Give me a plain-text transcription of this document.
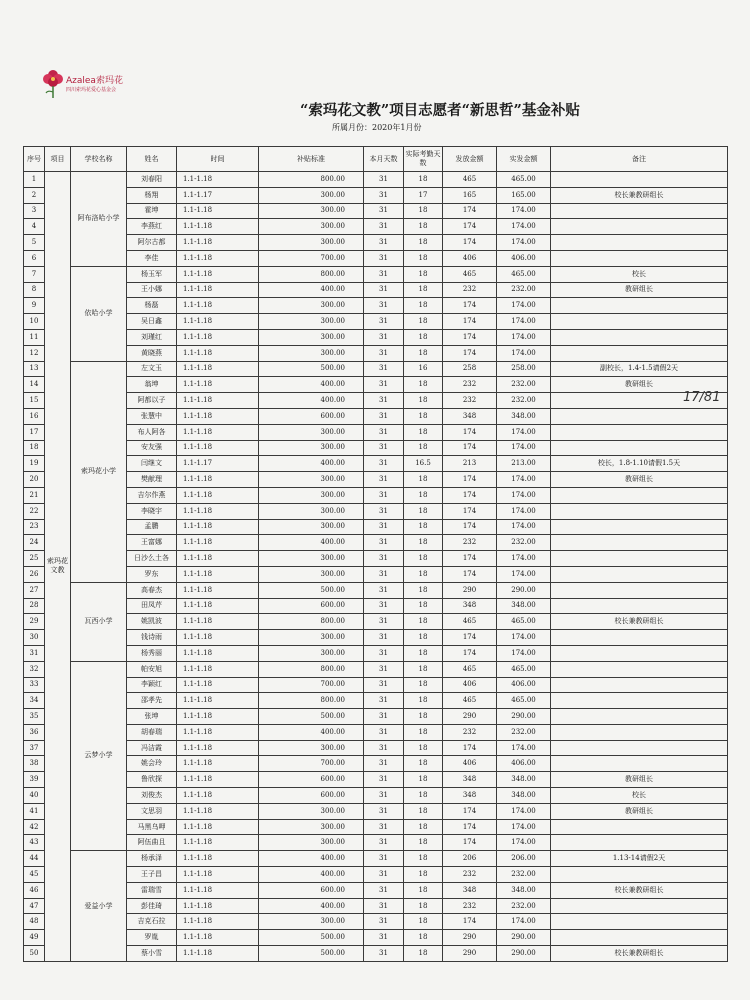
Azalea索玛花
四川索玛花爱心基金会
“索玛花文教”项目志愿者“新思哲”基金补贴
所属月份：2020年1月份
17/81
序号	项目	学校名称	姓名	时间	补贴标准	本月天数	实际考勤天数	发放金额	实发金额	备注
1	索玛花文教	阿布洛哈小学	刘春阳	1.1-1.18	800.00	31	18	465	465.00	
2			杨翔	1.1-1.17	300.00	31	17	165	165.00	校长兼教研组长
3			霍坤	1.1-1.18	300.00	31	18	174	174.00	
4			李燕红	1.1-1.18	300.00	31	18	174	174.00	
5			阿尔古都	1.1-1.18	300.00	31	18	174	174.00	
6			李佳	1.1-1.18	700.00	31	18	406	406.00	
7		依哈小学	杨玉军	1.1-1.18	800.00	31	18	465	465.00	校长
8			王小娜	1.1-1.18	400.00	31	18	232	232.00	教研组长
9			杨磊	1.1-1.18	300.00	31	18	174	174.00	
10			吴日鑫	1.1-1.18	300.00	31	18	174	174.00	
11			刘瑾红	1.1-1.18	300.00	31	18	174	174.00	
12			黄晓燕	1.1-1.18	300.00	31	18	174	174.00	
13		索玛花小学	左文玉	1.1-1.18	500.00	31	16	258	258.00	副校长，1.4-1.5请假2天
14			翁坤	1.1-1.18	400.00	31	18	232	232.00	教研组长
15			阿都以子	1.1-1.18	400.00	31	18	232	232.00	
16			张慧中	1.1-1.18	600.00	31	18	348	348.00	
17			布人阿各	1.1-1.18	300.00	31	18	174	174.00	
18			安友强	1.1-1.18	300.00	31	18	174	174.00	
19			闫继文	1.1-1.17	400.00	31	16.5	213	213.00	校长，1.8-1.10请假1.5天
20			樊献理	1.1-1.18	300.00	31	18	174	174.00	教研组长
21			吉尔作燕	1.1-1.18	300.00	31	18	174	174.00	
22			李晓宇	1.1-1.18	300.00	31	18	174	174.00	
23			孟鹏	1.1-1.18	300.00	31	18	174	174.00	
24			王富娜	1.1-1.18	400.00	31	18	232	232.00	
25			日沙么土各	1.1-1.18	300.00	31	18	174	174.00	
26			罗东	1.1-1.18	300.00	31	18	174	174.00	
27		瓦西小学	高春杰	1.1-1.18	500.00	31	18	290	290.00	
28			田凤芹	1.1-1.18	600.00	31	18	348	348.00	
29			姚凯波	1.1-1.18	800.00	31	18	465	465.00	校长兼教研组长
30			钱诗雨	1.1-1.18	300.00	31	18	174	174.00	
31			杨秀丽	1.1-1.18	300.00	31	18	174	174.00	
32		云梦小学	帕安旭	1.1-1.18	800.00	31	18	465	465.00	
33			李颖红	1.1-1.18	700.00	31	18	406	406.00	
34			邵孝先	1.1-1.18	800.00	31	18	465	465.00	
35			张坤	1.1-1.18	500.00	31	18	290	290.00	
36			胡春瑞	1.1-1.18	400.00	31	18	232	232.00	
37			冯洁霞	1.1-1.18	300.00	31	18	174	174.00	
38			姚会玲	1.1-1.18	700.00	31	18	406	406.00	
39			鲁欣探	1.1-1.18	600.00	31	18	348	348.00	教研组长
40			刘俊杰	1.1-1.18	600.00	31	18	348	348.00	校长
41			文思羽	1.1-1.18	300.00	31	18	174	174.00	教研组长
42			马黑乌呷	1.1-1.18	300.00	31	18	174	174.00	
43			阿伍曲且	1.1-1.18	300.00	31	18	174	174.00	
44		爱益小学	杨承泽	1.1-1.18	400.00	31	18	206	206.00	1.13-14请假2天
45			王子昌	1.1-1.18	400.00	31	18	232	232.00	
46			雷瑞雪	1.1-1.18	600.00	31	18	348	348.00	校长兼教研组长
47			彭佳琦	1.1-1.18	400.00	31	18	232	232.00	
48			吉克石拉	1.1-1.18	300.00	31	18	174	174.00	
49			罗胤	1.1-1.18	500.00	31	18	290	290.00	
50			蔡小雪	1.1-1.18	500.00	31	18	290	290.00	校长兼教研组长
